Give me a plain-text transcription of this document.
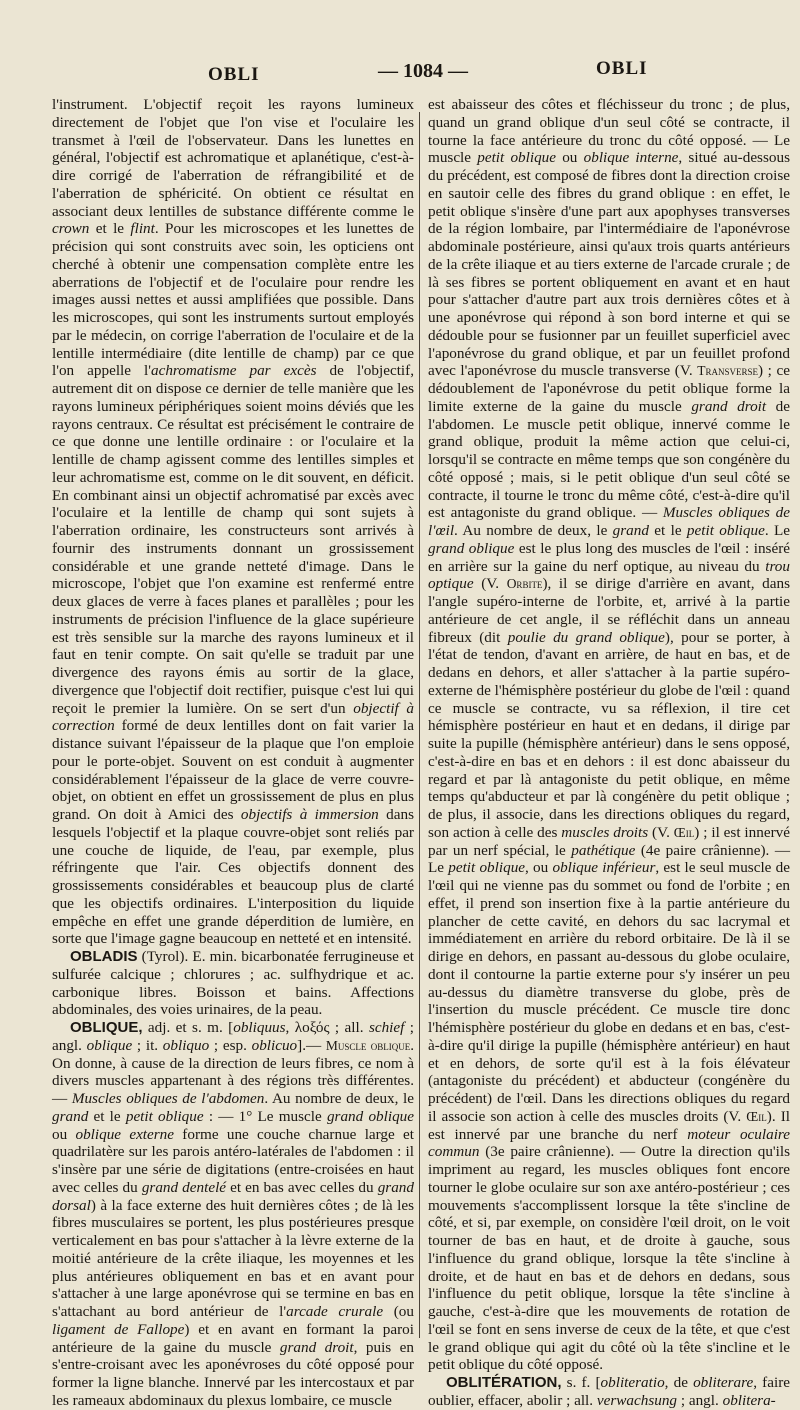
OBLI	— 1084 —	OBLI

l'instrument. L'objectif reçoit les rayons lumineux directement de l'objet que l'on vise et l'oculaire les transmet à l'œil de l'observateur. Dans les lunettes en général, l'objectif est achromatique et aplanétique, c'est-à-dire corrigé de l'aberration de réfrangibilité et de l'aberration de sphéricité. On obtient ce résultat en associant deux lentilles de substance différente comme le crown et le flint. Pour les microscopes et les lunettes de précision qui sont construits avec soin, les opticiens ont cherché à obtenir une compensation complète entre les aberrations de l'objectif et de l'oculaire pour rendre les images aussi nettes et aussi amplifiées que possible. Dans les microscopes, qui sont les instruments surtout employés par le médecin, on corrige l'aberration de l'oculaire et de la lentille intermédiaire (dite lentille de champ) par ce que l'on appelle l'achromatisme par excès de l'objectif, autrement dit on dispose ce dernier de telle manière que les rayons lumineux périphériques soient moins déviés que les rayons centraux. Ce résultat est précisément le contraire de ce que donne une lentille ordinaire : or l'oculaire et la lentille de champ agissent comme des lentilles simples et leur achromatisme est, comme on le dit souvent, en déficit. En combinant ainsi un objectif achromatisé par excès avec l'oculaire et la lentille de champ qui sont sujets à l'aberration ordinaire, les constructeurs sont arrivés à fournir des instruments donnant un grossissement considérable et une grande netteté d'image. Dans le microscope, l'objet que l'on examine est renfermé entre deux glaces de verre à faces planes et parallèles ; pour les instruments de précision l'influence de la glace supérieure est très sensible sur la marche des rayons lumineux et il faut en tenir compte. On sait qu'elle se traduit par une divergence des rayons émis au sortir de la glace, divergence que l'objectif doit rectifier, puisque c'est lui qui reçoit le premier la lumière. On se sert d'un objectif à correction formé de deux lentilles dont on fait varier la distance suivant l'épaisseur de la plaque que l'on emploie pour le porte-objet. Souvent on est conduit à augmenter considérablement l'épaisseur de la glace de verre couvre-objet, on obtient en effet un grossissement de plus en plus grand. On doit à Amici des objectifs à immersion dans lesquels l'objectif et la plaque couvre-objet sont reliés par une couche de liquide, de l'eau, par exemple, plus réfringente que l'air. Ces objectifs donnent des grossissements considérables et beaucoup plus de clarté que les objectifs ordinaires. L'interposition du liquide empêche en effet une grande déperdition de lumière, en sorte que l'image gagne beaucoup en netteté et en intensité.

OBLADIS (Tyrol). E. min. bicarbonatée ferrugineuse et sulfurée calcique ; chlorures ; ac. sulfhydrique et ac. carbonique libres. Boisson et bains. Affections abdominales, des voies urinaires, de la peau.

OBLIQUE, adj. et s. m. [obliquus, λοξός ; all. schief ; angl. oblique ; it. obliquo ; esp. oblicuo].— Muscle oblique. On donne, à cause de la direction de leurs fibres, ce nom à divers muscles appartenant à des régions très différentes. — Muscles obliques de l'abdomen. Au nombre de deux, le grand et le petit oblique : — 1° Le muscle grand oblique ou oblique externe forme une couche charnue large et quadrilatère sur les parois antéro-latérales de l'abdomen : il s'insère par une série de digitations (entre-croisées en haut avec celles du grand dentelé et en bas avec celles du grand dorsal) à la face externe des huit dernières côtes ; de là les fibres musculaires se portent, les plus postérieures presque verticalement en bas pour s'attacher à la lèvre externe de la moitié antérieure de la crête iliaque, les moyennes et les plus antérieures obliquement en bas et en avant pour s'attacher à une large aponévrose qui se termine en bas en s'attachant au bord antérieur de l'arcade crurale (ou ligament de Fallope) et en avant en formant la paroi antérieure de la gaine du muscle grand droit, puis en s'entre-croisant avec les aponévroses du côté opposé pour former la ligne blanche. Innervé par les intercostaux et par les rameaux abdominaux du plexus lombaire, ce muscle

est abaisseur des côtes et fléchisseur du tronc ; de plus, quand un grand oblique d'un seul côté se contracte, il tourne la face antérieure du tronc du côté opposé. — Le muscle petit oblique ou oblique interne, situé au-dessous du précédent, est composé de fibres dont la direction croise en sautoir celle des fibres du grand oblique : en effet, le petit oblique s'insère d'une part aux apophyses transverses de la région lombaire, par l'intermédiaire de l'aponévrose abdominale postérieure, ainsi qu'aux trois quarts antérieurs de la crête iliaque et au tiers externe de l'arcade crurale ; de là ses fibres se portent obliquement en avant et en haut pour s'attacher d'autre part aux trois dernières côtes et à une aponévrose qui répond à son bord interne et qui se dédouble pour se fusionner par un feuillet superficiel avec l'aponévrose du grand oblique, et par un feuillet profond avec l'aponévrose du muscle transverse (V. Transverse) ; ce dédoublement de l'aponévrose du petit oblique forme la limite externe de la gaine du muscle grand droit de l'abdomen. Le muscle petit oblique, innervé comme le grand oblique, produit la même action que celui-ci, lorsqu'il se contracte en même temps que son congénère du côté opposé ; mais, si le petit oblique d'un seul côté se contracte, il tourne le tronc du même côté, c'est-à-dire qu'il est antagoniste du grand oblique. — Muscles obliques de l'œil. Au nombre de deux, le grand et le petit oblique. Le grand oblique est le plus long des muscles de l'œil : inséré en arrière sur la gaine du nerf optique, au niveau du trou optique (V. Orbite), il se dirige d'arrière en avant, dans l'angle supéro-interne de l'orbite, et, arrivé à la partie antérieure de cet angle, il se réfléchit dans un anneau fibreux (dit poulie du grand oblique), pour se porter, à l'état de tendon, d'avant en arrière, de haut en bas, et de dedans en dehors, et aller s'attacher à la partie supéro-externe de l'hémisphère postérieur du globe de l'œil : quand ce muscle se contracte, vu sa réflexion, il tire cet hémisphère postérieur en haut et en dedans, il dirige par suite la pupille (hémisphère antérieur) dans le sens opposé, c'est-à-dire en bas et en dehors : il est donc abaisseur du regard et par là antagoniste du petit oblique, en même temps qu'abducteur et par là congénère du petit oblique ; de plus, il associe, dans les directions obliques du regard, son action à celle des muscles droits (V. Œil) ; il est innervé par un nerf spécial, le pathétique (4e paire crânienne). — Le petit oblique, ou oblique inférieur, est le seul muscle de l'œil qui ne vienne pas du sommet ou fond de l'orbite ; en effet, il prend son insertion fixe à la partie antérieure du plancher de cette cavité, en dehors du sac lacrymal et immédiatement en arrière du rebord orbitaire. De là il se dirige en dehors, en passant au-dessous du globe oculaire, dont il contourne la partie externe pour s'y insérer un peu au-dessus du diamètre transverse du globe, près de l'insertion du muscle précédent. Ce muscle tire donc l'hémisphère postérieur du globe en dedans et en bas, c'est-à-dire qu'il dirige la pupille (hémisphère antérieur) en haut et en dehors, de sorte qu'il est à la fois élévateur (antagoniste du précédent) et abducteur (congénère du précédent) de l'œil. Dans les directions obliques du regard il associe son action à celle des muscles droits (V. Œil). Il est innervé par une branche du nerf moteur oculaire commun (3e paire crânienne). — Outre la direction qu'ils impriment au regard, les muscles obliques font encore tourner le globe oculaire sur son axe antéro-postérieur ; ces mouvements s'accomplissent lorsque la tête s'incline de côté, et si, par exemple, on considère l'œil droit, on le voit tourner de bas en haut, et de droite à gauche, sous l'influence du grand oblique, lorsque la tête s'incline à droite, et de haut en bas et de dehors en dedans, sous l'influence du petit oblique, lorsque la tête s'incline à gauche, c'est-à-dire que les mouvements de rotation de l'œil se font en sens inverse de ceux de la tête, et que c'est le grand oblique qui agit du côté où la tête s'incline et le petit oblique du côté opposé.

OBLITÉRATION, s. f. [obliteratio, de obliterare, faire oublier, effacer, abolir ; all. verwachsung ; angl. oblitera-
